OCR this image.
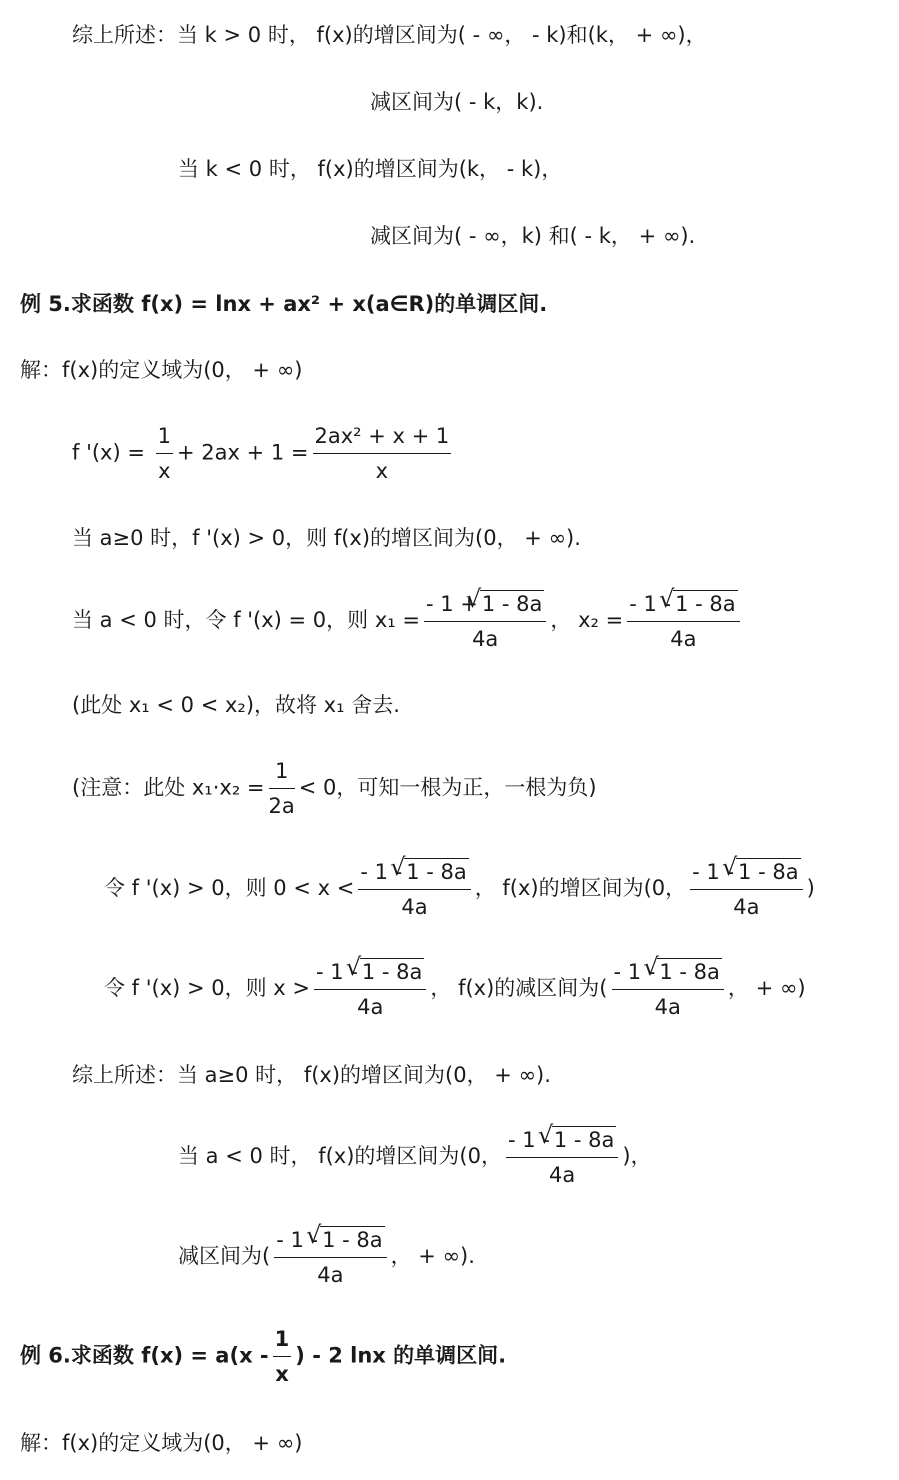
综上所述：当 k > 0 时， f(x)的增区间为( - ∞， - k)和(k， + ∞)，
减区间为( - k，k).
当 k < 0 时， f(x)的增区间为(k， - k)，
减区间为( - ∞，k) 和( - k， + ∞).
例 5.求函数 f(x) = lnx + ax² + x(a∈R)的单调区间.
解：f(x)的定义域为(0， + ∞)
f '$(x) = \frac{1}{x} + 2ax + 1 = \frac{\text{2ax² + x + 1}}{x}$
当 a≥0 时，f '(x) > 0，则 f(x)的增区间为(0， + ∞).
当 a < 0 时，令 f '(x) = 0，则 $x_1 = \frac{- 1 + √ 1 - 8a}{4a}$ ， $x_2 = \frac{- 1 - √ 1 - 8a}{4a}$
(此处 x₁ < 0 < x₂)，故将 x₁ 舍去.
(注意：此处 $x_1\cdot x_2 = \frac{1}{2a} < 0$，可知一根为正，一根为负)
令 f '(x) > 0，则 $0 < x < \frac{- 1 - √ 1 - 8a}{4a}$ ， f(x)的增区间为(0， $\frac{- 1 - √ 1 - 8a}{4a}$ )
令 f '(x) > 0，则 $x > \frac{- 1 - √ 1 - 8a}{4a}$ ， f(x)的减区间为( $\frac{- 1 - √ 1 - 8a}{4a}$ ， + ∞)
综上所述：当 a≥0 时， f(x)的增区间为(0， + ∞).
当 a < 0 时， f(x)的增区间为(0， $\frac{- 1 - √ 1 - 8a}{4a}$ )，
减区间为( $\frac{- 1 - √ 1 - 8a}{4a}$ ， + ∞).
例 6.求函数 $f(x) = a(x - \frac{1}{x}$ ) - 2 lnx 的单调区间.
解：f(x)的定义域为(0， + ∞)
